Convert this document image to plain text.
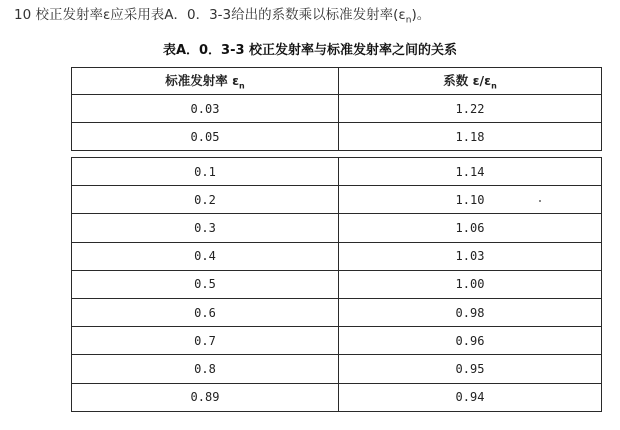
10 校正发射率ε应采用表A．0．3-3给出的系数乘以标准发射率$(\varepsilon_n)$。
表A．0．3-3 校正发射率与标准发射率之间的关系
标准发射率 $\varepsilon_n$	系数 $\varepsilon/\varepsilon_n$
0.03	1.22
0.05	1.18
0.1	1.14
0.2	1.10
0.3	1.06
0.4	1.03
0.5	1.00
0.6	0.98
0.7	0.96
0.8	0.95
0.89	0.94
